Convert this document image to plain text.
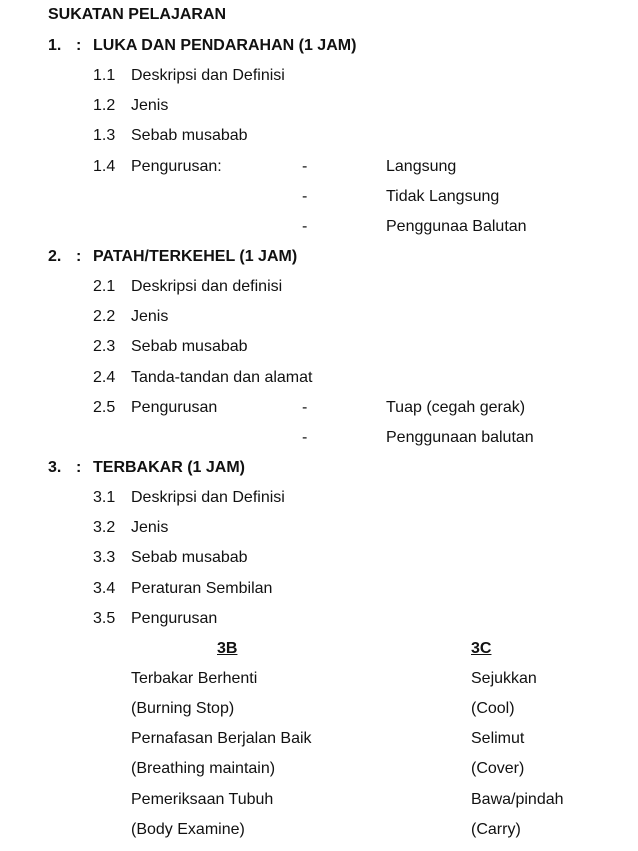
SUKATAN PELAJARAN
1. : LUKA DAN PENDARAHAN (1 JAM)
1.1 Deskripsi dan Definisi
1.2 Jenis
1.3 Sebab musabab
1.4 Pengurusan:	-	Langsung
-	Tidak Langsung
-	Penggunaa Balutan
2. : PATAH/TERKEHEL (1 JAM)
2.1 Deskripsi dan definisi
2.2 Jenis
2.3 Sebab musabab
2.4 Tanda-tandan dan alamat
2.5 Pengurusan	-	Tuap (cegah gerak)
-	Penggunaan balutan
3. : TERBAKAR (1 JAM)
3.1 Deskripsi dan Definisi
3.2 Jenis
3.3 Sebab musabab
3.4 Peraturan Sembilan
3.5 Pengurusan
3B	3C
Terbakar Berhenti	Sejukkan
(Burning Stop)	(Cool)
Pernafasan Berjalan Baik	Selimut
(Breathing maintain)	(Cover)
Pemeriksaan Tubuh	Bawa/pindah
(Body Examine)	(Carry)
